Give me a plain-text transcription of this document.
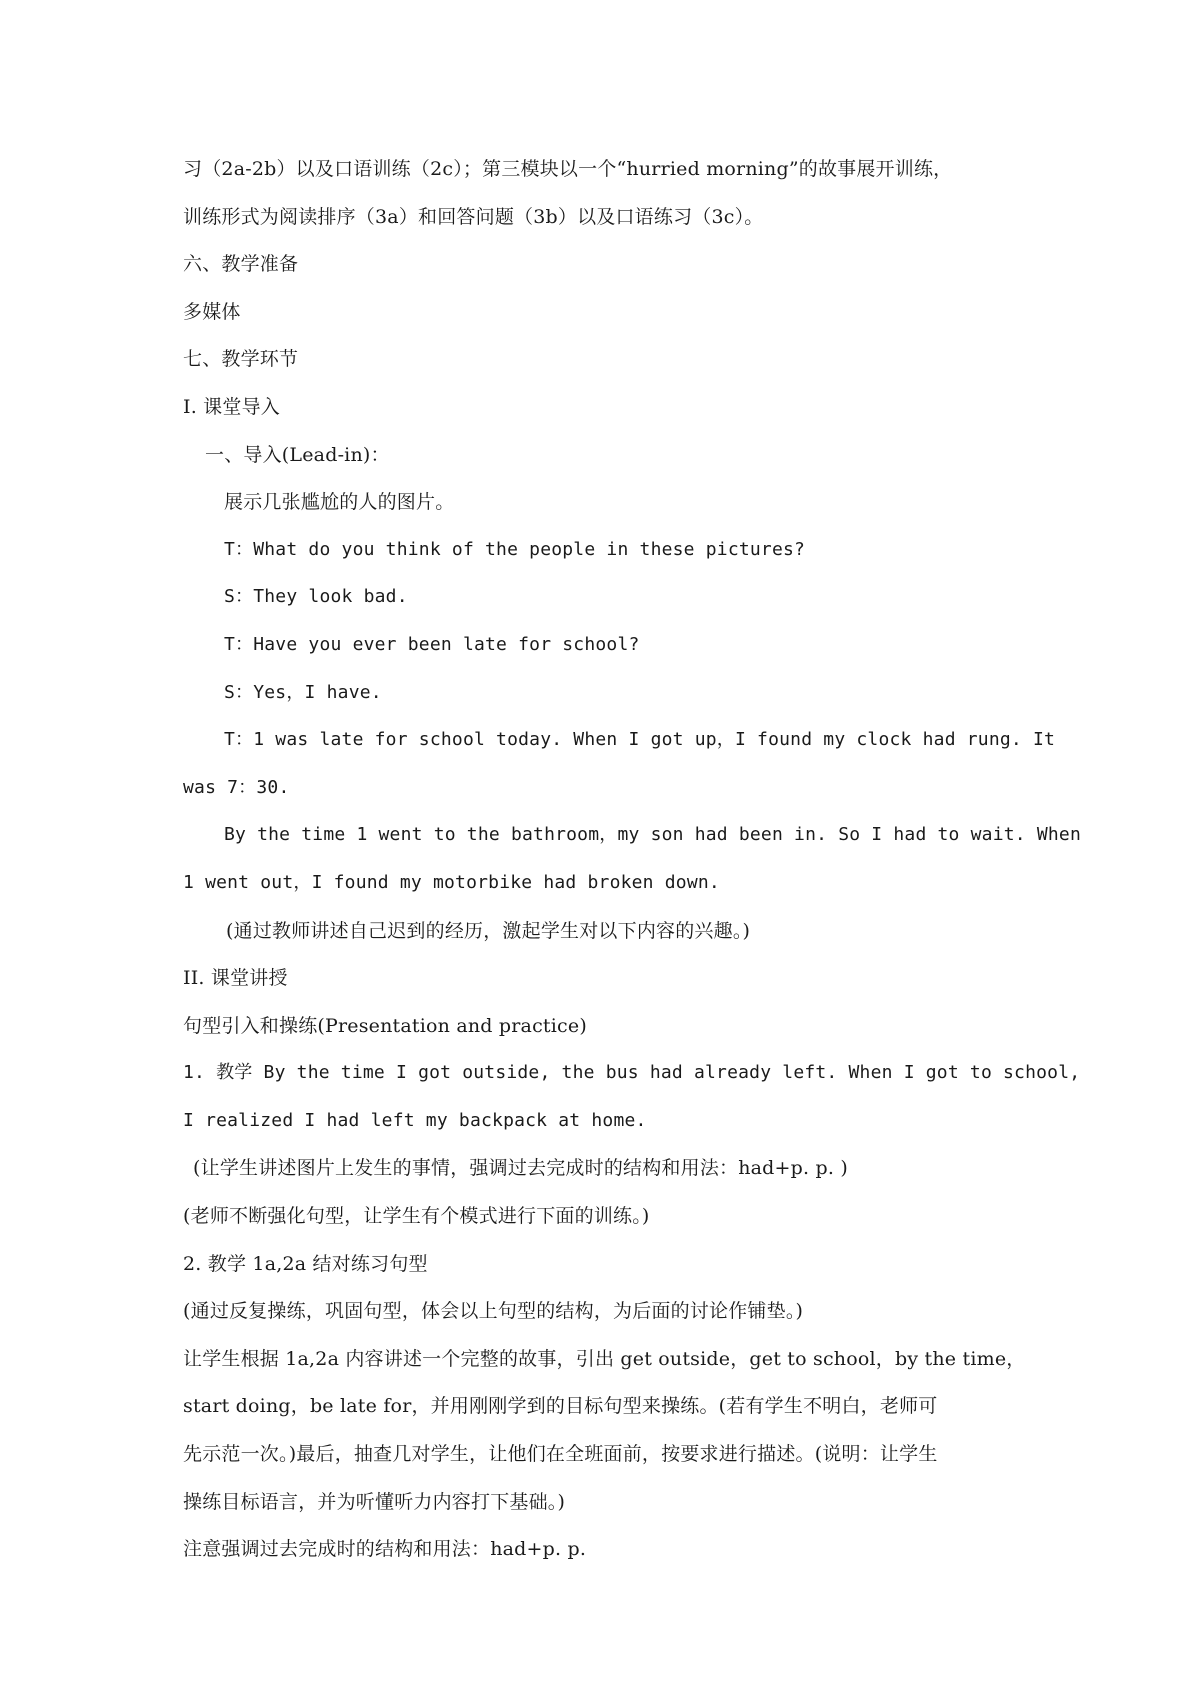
习（2a-2b）以及口语训练（2c）；第三模块以一个“hurried morning”的故事展开训练，
训练形式为阅读排序（3a）和回答问题（3b）以及口语练习（3c）。
六、教学准备
多媒体
七、教学环节
I. 课堂导入
一、导入(Lead-in)：
展示几张尴尬的人的图片。
T：What do you think of the people in these pictures?
S：They look bad.
T：Have you ever been late for school?
S：Yes，I have.
T：1 was late for school today. When I got up，I found my clock had rung. It
was 7：30.
By the time 1 went to the bathroom，my son had been in. So I had to wait. When
1 went out，I found my motorbike had broken down.
(通过教师讲述自己迟到的经历，激起学生对以下内容的兴趣。)
II. 课堂讲授
句型引入和操练(Presentation and practice)
1. 教学 By the time I got outside, the bus had already left. When I got to school,
I realized I had left my backpack at home.
(让学生讲述图片上发生的事情，强调过去完成时的结构和用法：had+p. p. )
(老师不断强化句型，让学生有个模式进行下面的训练。)
2. 教学 1a,2a 结对练习句型
(通过反复操练，巩固句型，体会以上句型的结构，为后面的讨论作铺垫。)
让学生根据 1a,2a 内容讲述一个完整的故事，引出 get outside，get to school，by the time，
start doing，be late for，并用刚刚学到的目标句型来操练。(若有学生不明白，老师可
先示范一次。)最后，抽查几对学生，让他们在全班面前，按要求进行描述。(说明：让学生
操练目标语言，并为听懂听力内容打下基础。)
注意强调过去完成时的结构和用法：had+p. p.
